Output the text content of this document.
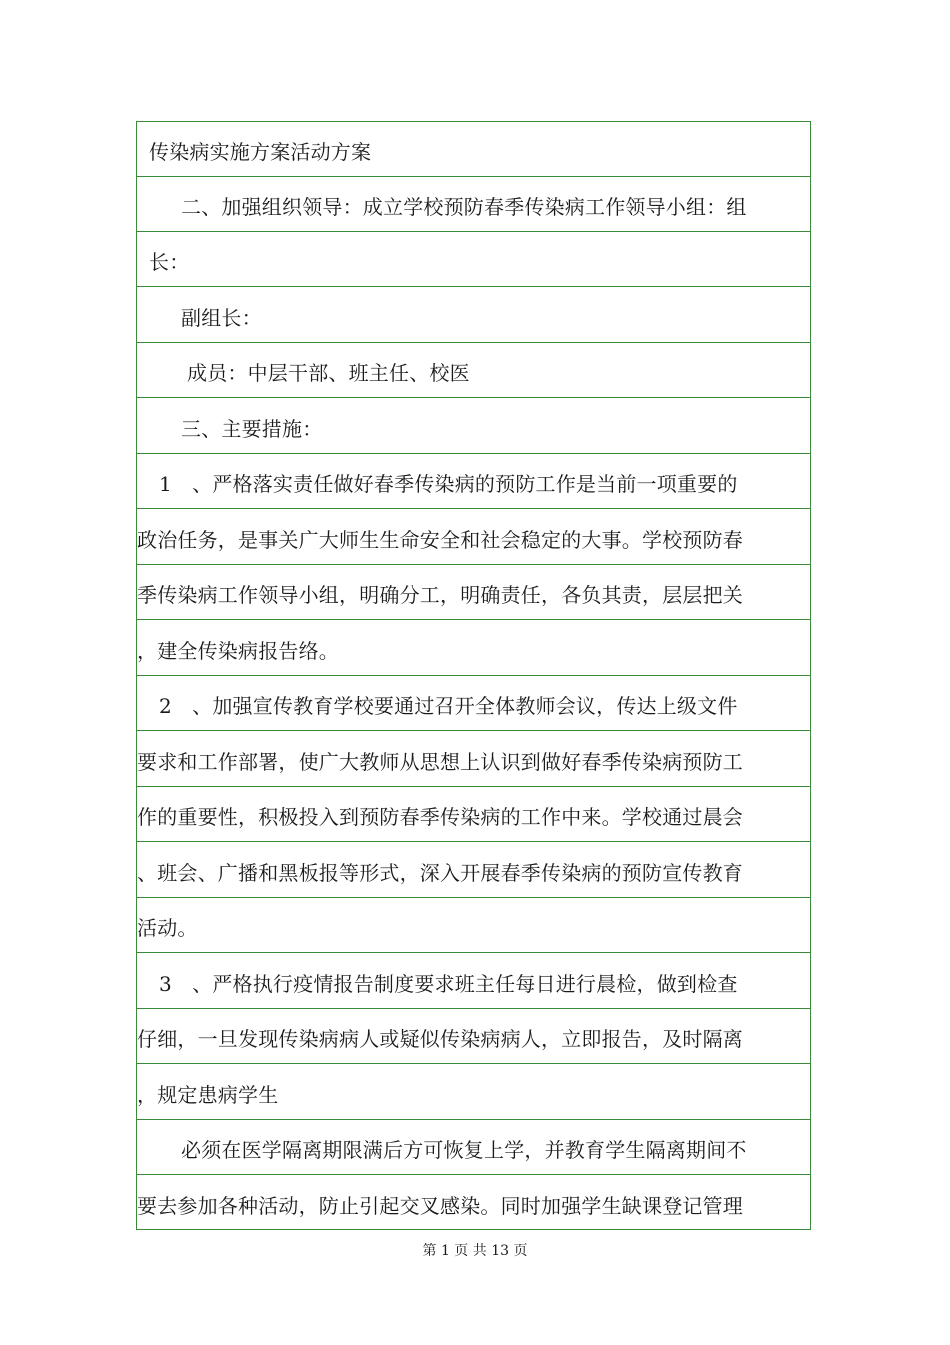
传染病实施方案活动方案
二、加强组织领导：成立学校预防春季传染病工作领导小组：组
长：
副组长：
成员：中层干部、班主任、校医
三、主要措施：
1　、严格落实责任做好春季传染病的预防工作是当前一项重要的
政治任务，是事关广大师生生命安全和社会稳定的大事。学校预防春
季传染病工作领导小组，明确分工，明确责任，各负其责，层层把关
，建全传染病报告络。
2　、加强宣传教育学校要通过召开全体教师会议，传达上级文件
要求和工作部署，使广大教师从思想上认识到做好春季传染病预防工
作的重要性，积极投入到预防春季传染病的工作中来。学校通过晨会
、班会、广播和黑板报等形式，深入开展春季传染病的预防宣传教育
活动。
3　、严格执行疫情报告制度要求班主任每日进行晨检，做到检查
仔细，一旦发现传染病病人或疑似传染病病人，立即报告，及时隔离
，规定患病学生
必须在医学隔离期限满后方可恢复上学，并教育学生隔离期间不
要去参加各种活动，防止引起交叉感染。同时加强学生缺课登记管理
第 1 页 共 13 页
